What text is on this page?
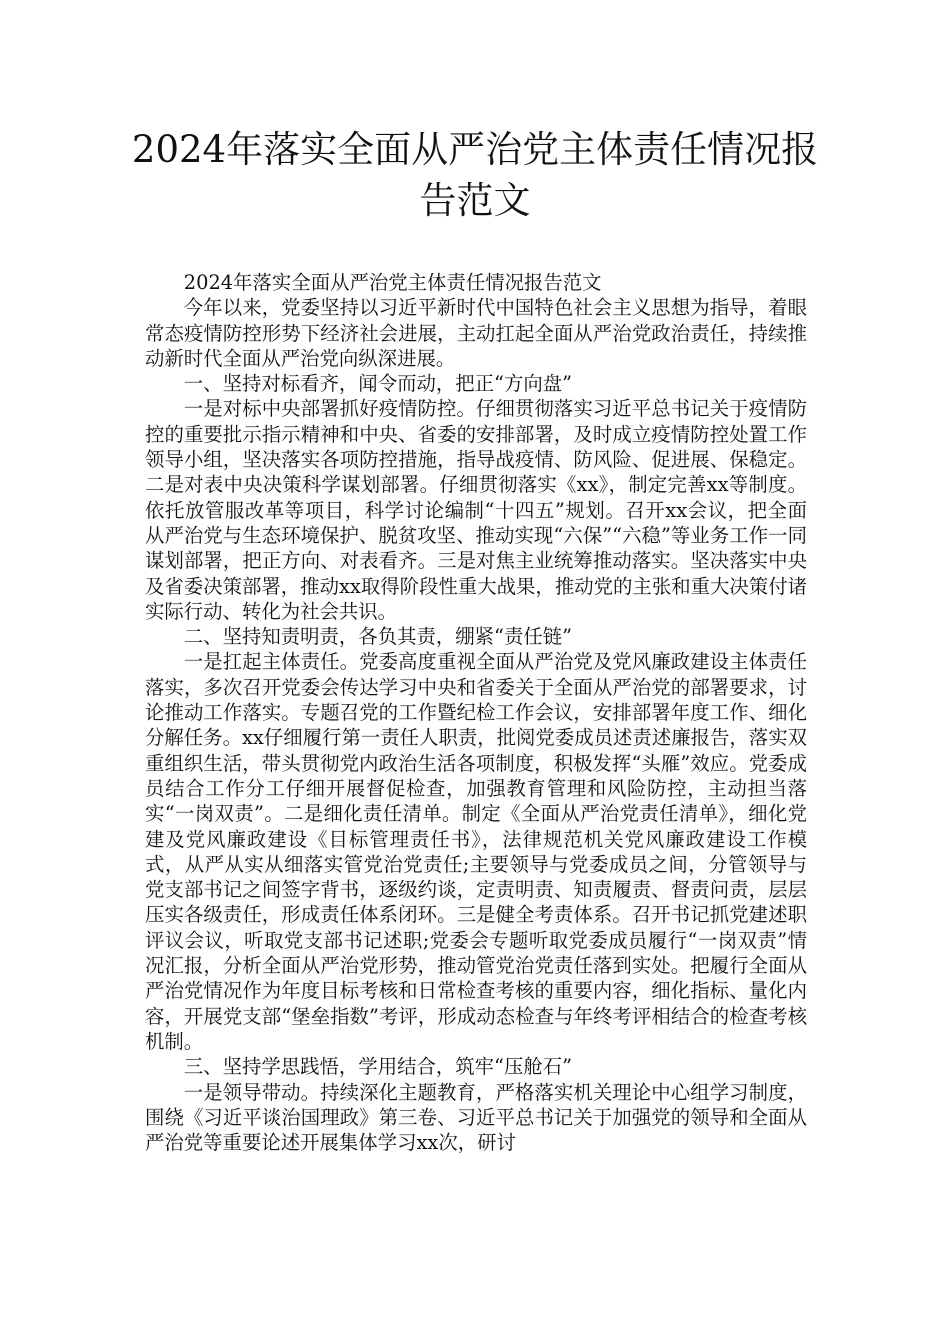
2024年落实全面从严治党主体责任情况报告范文

2024年落实全面从严治党主体责任情况报告范文

今年以来，党委坚持以习近平新时代中国特色社会主义思想为指导，着眼常态疫情防控形势下经济社会进展，主动扛起全面从严治党政治责任，持续推动新时代全面从严治党向纵深进展。

一、坚持对标看齐，闻令而动，把正“方向盘”

一是对标中央部署抓好疫情防控。仔细贯彻落实习近平总书记关于疫情防控的重要批示指示精神和中央、省委的安排部署，及时成立疫情防控处置工作领导小组，坚决落实各项防控措施，指导战疫情、防风险、促进展、保稳定。二是对表中央决策科学谋划部署。仔细贯彻落实《xx》，制定完善xx等制度。依托放管服改革等项目，科学讨论编制“十四五”规划。召开xx会议，把全面从严治党与生态环境保护、脱贫攻坚、推动实现“六保”“六稳”等业务工作一同谋划部署，把正方向、对表看齐。三是对焦主业统筹推动落实。坚决落实中央及省委决策部署，推动xx取得阶段性重大战果，推动党的主张和重大决策付诸实际行动、转化为社会共识。

二、坚持知责明责，各负其责，绷紧“责任链”

一是扛起主体责任。党委高度重视全面从严治党及党风廉政建设主体责任落实，多次召开党委会传达学习中央和省委关于全面从严治党的部署要求，讨论推动工作落实。专题召党的工作暨纪检工作会议，安排部署年度工作、细化分解任务。xx仔细履行第一责任人职责，批阅党委成员述责述廉报告，落实双重组织生活，带头贯彻党内政治生活各项制度，积极发挥“头雁”效应。党委成员结合工作分工仔细开展督促检查，加强教育管理和风险防控，主动担当落实“一岗双责”。二是细化责任清单。制定《全面从严治党责任清单》，细化党建及党风廉政建设《目标管理责任书》，法律规范机关党风廉政建设工作模式，从严从实从细落实管党治党责任;主要领导与党委成员之间，分管领导与党支部书记之间签字背书，逐级约谈，定责明责、知责履责、督责问责，层层压实各级责任，形成责任体系闭环。三是健全考责体系。召开书记抓党建述职评议会议，听取党支部书记述职;党委会专题听取党委成员履行“一岗双责”情况汇报，分析全面从严治党形势，推动管党治党责任落到实处。把履行全面从严治党情况作为年度目标考核和日常检查考核的重要内容，细化指标、量化内容，开展党支部“堡垒指数”考评，形成动态检查与年终考评相结合的检查考核机制。

三、坚持学思践悟，学用结合，筑牢“压舱石”

一是领导带动。持续深化主题教育，严格落实机关理论中心组学习制度，围绕《习近平谈治国理政》第三卷、习近平总书记关于加强党的领导和全面从严治党等重要论述开展集体学习xx次，研讨
